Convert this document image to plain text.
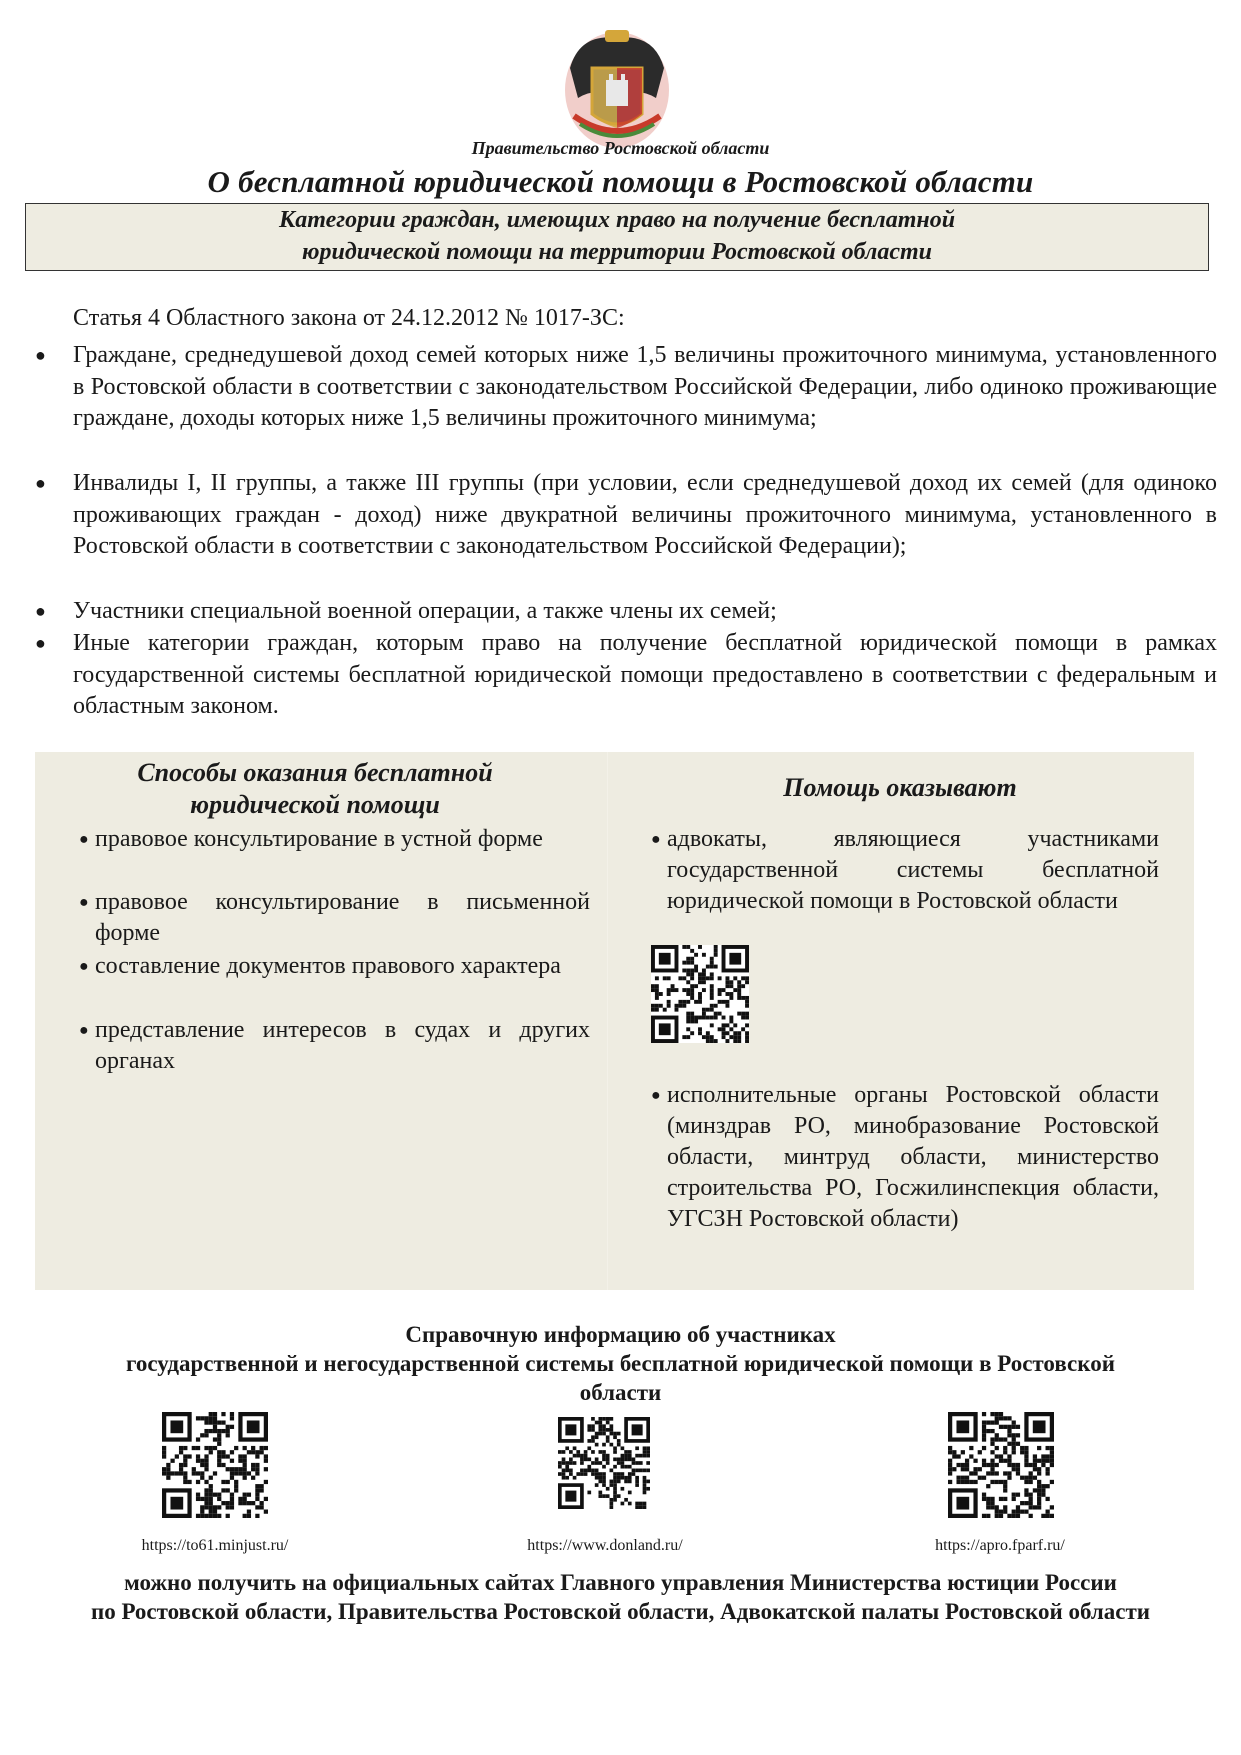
Правительство Ростовской области
О бесплатной юридической помощи в Ростовской области
Категории граждан, имеющих право на получение бесплатной
юридической помощи на территории Ростовской области
Статья 4 Областного закона от 24.12.2012 № 1017-ЗС:
● Граждане, среднедушевой доход семей которых ниже 1,5 величины прожиточного минимума, установленного в Ростовской области в соответствии с законодательством Российской Федерации, либо одиноко проживающие граждане, доходы которых ниже 1,5 величины прожиточного минимума;
● Инвалиды I, II группы, а также III группы (при условии, если среднедушевой доход их семей (для одиноко проживающих граждан - доход) ниже двукратной величины прожиточного минимума, установленного в Ростовской области в соответствии с законодательством Российской Федерации);
● Участники специальной военной операции, а также члены их семей;
● Иные категории граждан, которым право на получение бесплатной юридической помощи в рамках государственной системы бесплатной юридической помощи предоставлено в соответствии с федеральным и областным законом.
Способы оказания бесплатной
юридической помощи
● правовое консультирование в устной форме
● правовое консультирование в письменной форме
● составление документов правового характера
● представление интересов в судах и других органах
Помощь оказывают
● адвокаты, являющиеся участниками государственной системы бесплатной юридической помощи в Ростовской области
● исполнительные органы Ростовской области (минздрав РО, минобразование Ростовской области, минтруд области, министерство строительства РО, Госжилинспекция области, УГСЗН Ростовской области)
Справочную информацию об участниках
государственной и негосударственной системы бесплатной юридической помощи в Ростовской
области
https://to61.minjust.ru/	https://www.donland.ru/	https://apro.fparf.ru/
можно получить на официальных сайтах Главного управления Министерства юстиции России
по Ростовской области, Правительства Ростовской области, Адвокатской палаты Ростовской области
